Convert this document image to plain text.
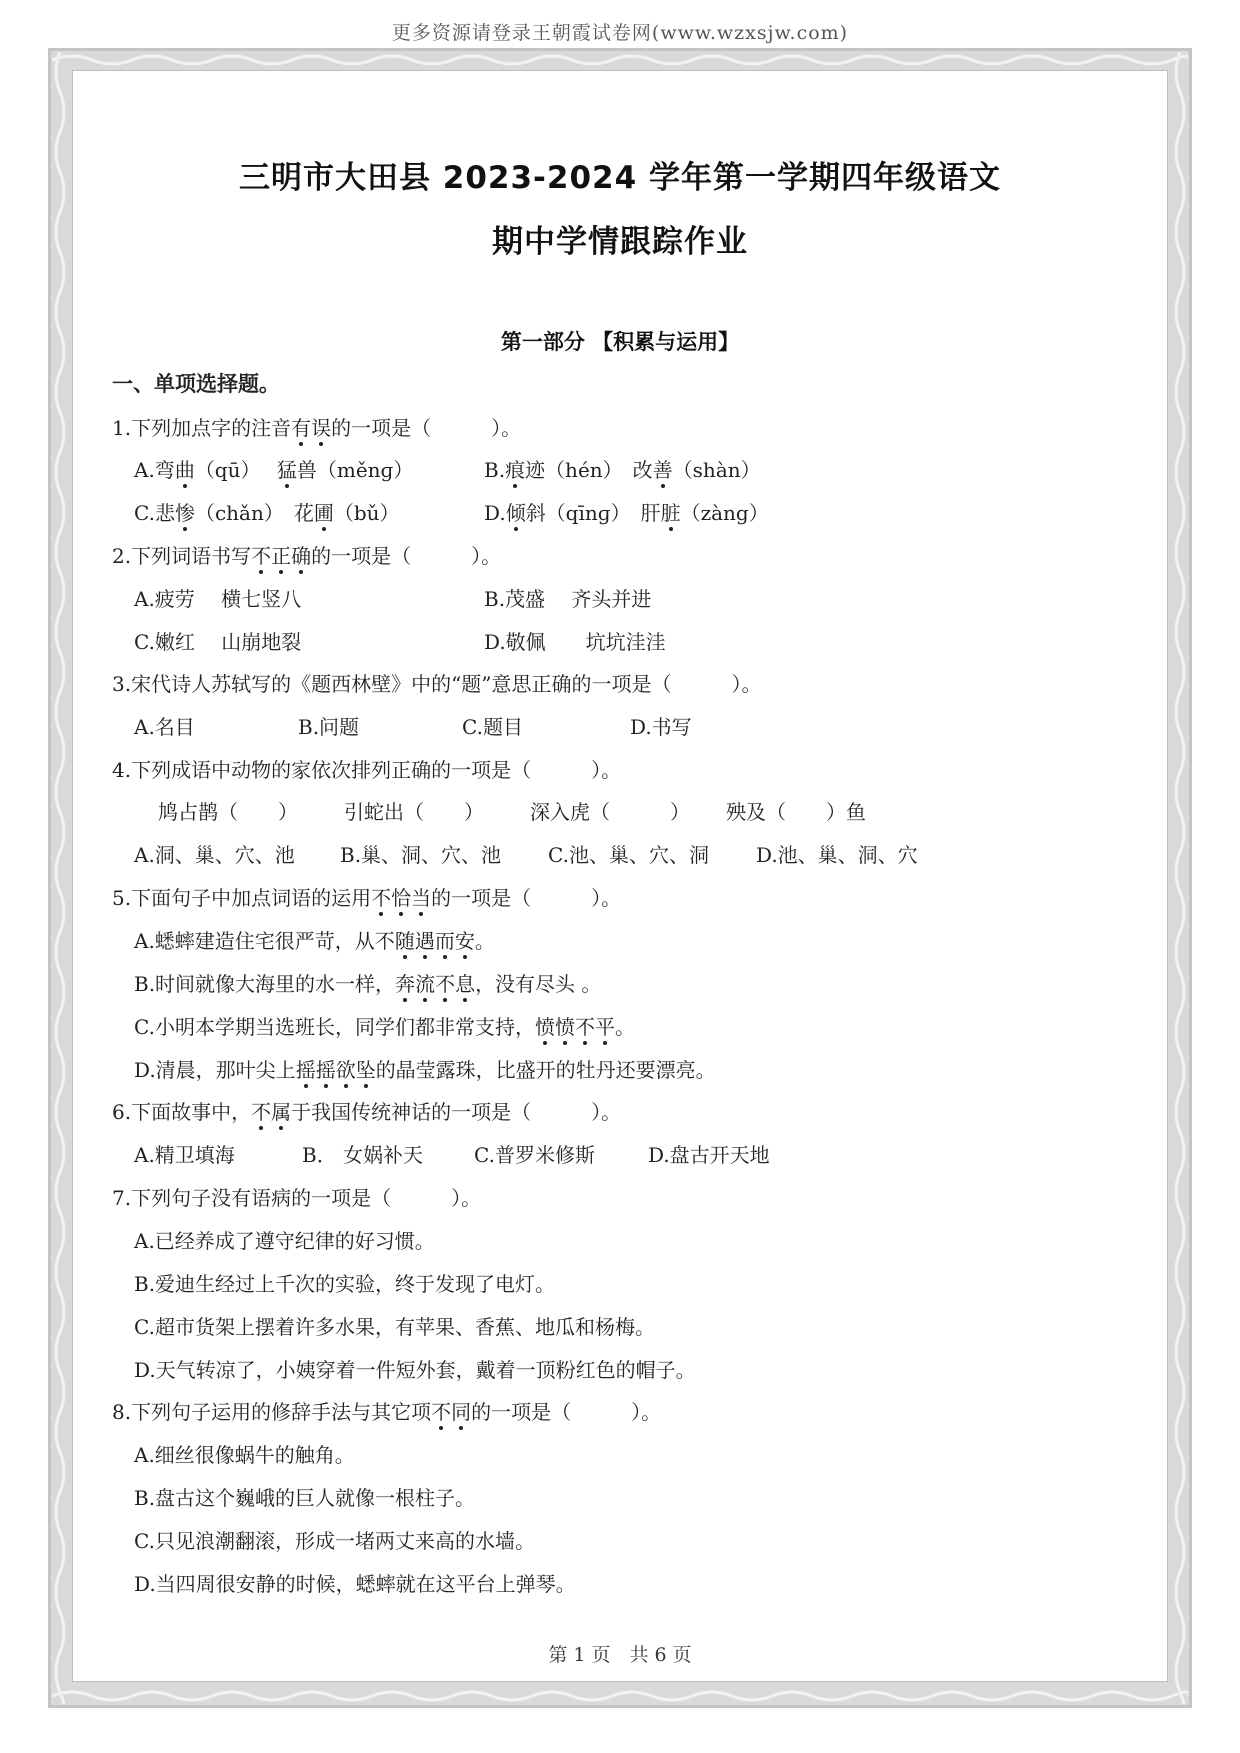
更多资源请登录王朝霞试卷网(www.wzxsjw.com)
三明市大田县 2023-2024 学年第一学期四年级语文
期中学情跟踪作业
第一部分 【积累与运用】
一、单项选择题。
1.下列加点字的注音有误的一项是（　　　）。
A.弯曲（qū）　 猛兽（měnɡ）	B.痕迹（hén）　改善（shàn）
C.悲惨（chǎn）　花圃（bǔ）	D.倾斜（qīnɡ）　肝脏（zàng）
2.下列词语书写不正确的一项是（　　　）。
A.疲劳　 横七竖八	B.茂盛　 齐头并进
C.嫩红　 山崩地裂	D.敬佩　　坑坑洼洼
3.宋代诗人苏轼写的《题西林壁》中的“题”意思正确的一项是（　　　）。
A.名目	B.问题	C.题目	D.书写
4.下列成语中动物的家依次排列正确的一项是（　　　）。
鸠占鹊（　　） 引蛇出（　　） 深入虎（　　　） 殃及（　　）鱼
A.洞、巢、穴、池 B.巢、洞、穴、池 C.池、巢、穴、洞 D.池、巢、洞、穴
5.下面句子中加点词语的运用不恰当的一项是（　　　）。
A.蟋蟀建造住宅很严苛，从不随遇而安。
B.时间就像大海里的水一样，奔流不息，没有尽头 。
C.小明本学期当选班长，同学们都非常支持，愤愤不平。
D.清晨，那叶尖上摇摇欲坠的晶莹露珠，比盛开的牡丹还要漂亮。
6.下面故事中，不属于我国传统神话的一项是（　　　）。
A.精卫填海	B． 女娲补天	C.普罗米修斯	D.盘古开天地
7.下列句子没有语病的一项是（　　　）。
A.已经养成了遵守纪律的好习惯。
B.爱迪生经过上千次的实验，终于发现了电灯。
C.超市货架上摆着许多水果，有苹果、香蕉、地瓜和杨梅。
D.天气转凉了，小姨穿着一件短外套，戴着一顶粉红色的帽子。
8.下列句子运用的修辞手法与其它项不同的一项是（　　　）。
A.细丝很像蜗牛的触角。
B.盘古这个巍峨的巨人就像一根柱子。
C.只见浪潮翻滚，形成一堵两丈来高的水墙。
D.当四周很安静的时候，蟋蟀就在这平台上弹琴。
第 1 页　共 6 页
